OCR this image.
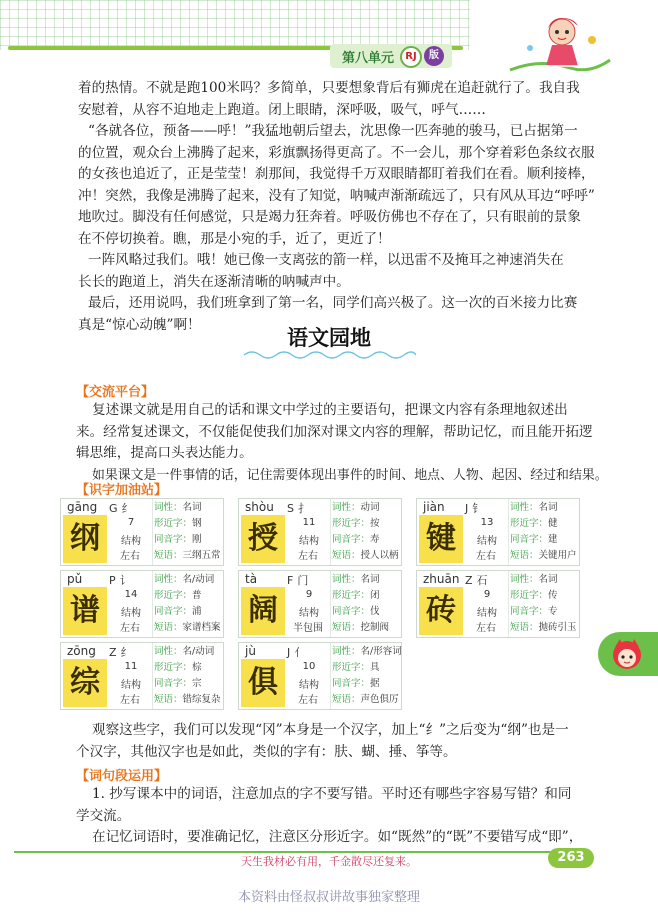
第八单元	RJ	版
着的热情。不就是跑100米吗？多简单，只要想象背后有狮虎在追赶就行了。我自我
安慰着，从容不迫地走上跑道。闭上眼睛，深呼吸，吸气，呼气……
“各就各位，预备——呼！”我猛地朝后望去，沈思像一匹奔驰的骏马，已占据第一
的位置，观众台上沸腾了起来，彩旗飘扬得更高了。不一会儿，那个穿着彩色条纹衣服
的女孩也追近了，正是莹莹！刹那间，我觉得千万双眼睛都盯着我们在看。顺利接棒，
冲！突然，我像是沸腾了起来，没有了知觉，呐喊声渐渐疏远了，只有风从耳边“呼呼”
地吹过。脚没有任何感觉，只是竭力狂奔着。呼吸仿佛也不存在了，只有眼前的景象
在不停切换着。瞧，那是小宛的手，近了，更近了！
一阵风略过我们。哦！她已像一支离弦的箭一样，以迅雷不及掩耳之神速消失在
长长的跑道上，消失在逐渐清晰的呐喊声中。
最后，还用说吗，我们班拿到了第一名，同学们高兴极了。这一次的百米接力比赛
真是“惊心动魄”啊！
语文园地
【交流平台】
复述课文就是用自己的话和课文中学过的主要语句，把课文内容有条理地叙述出
来。经常复述课文，不仅能促使我们加深对课文内容的理解，帮助记忆，而且能开拓逻
辑思维，提高口头表达能力。
如果课文是一件事情的话，记住需要体现出事件的时间、地点、人物、起因、经过和结果。
【识字加油站】
gāng G 纟
纲	7
结构
左右
词性：名词
形近字：钢
同音字：刚
短语：三纲五常
shòu S 扌
授	11
结构
左右
词性：动词
形近字：按
同音字：寿
短语：授人以柄
jiàn J 钅
键	13
结构
左右
词性：名词
形近字：健
同音字：建
短语：关键用户
pǔ P 讠
谱	14
结构
左右
词性：名/动词
形近字：普
同音字：浦
短语：家谱档案
tà	F 门
阔	9
结构
半包围
词性：名词
形近字：闭
同音字：伐
短语：挖制阀
zhuān Z 石
砖	9
结构
左右
词性：名词
形近字：传
同音字：专
短语：抛砖引玉
zōng Z 纟
综	11
结构
左右
词性：名/动词
形近字：棕
同音字：宗
短语：错综复杂
jù	J 亻
俱	10
结构
左右
词性：名/形容词
形近字：具
同音字：据
短语：声色俱厉
观察这些字，我们可以发现“冈”本身是一个汉字，加上“纟”之后变为“纲”也是一
个汉字，其他汉字也是如此，类似的字有：肤、蝴、捶、筝等。
【词句段运用】
1. 抄写课本中的词语，注意加点的字不要写错。平时还有哪些字容易写错？和同
学交流。
在记忆词语时，要准确记忆，注意区分形近字。如“既然”的“既”不要错写成“即”，
天生我材必有用，千金散尽还复来。	263
本资料由怪叔叔讲故事独家整理
